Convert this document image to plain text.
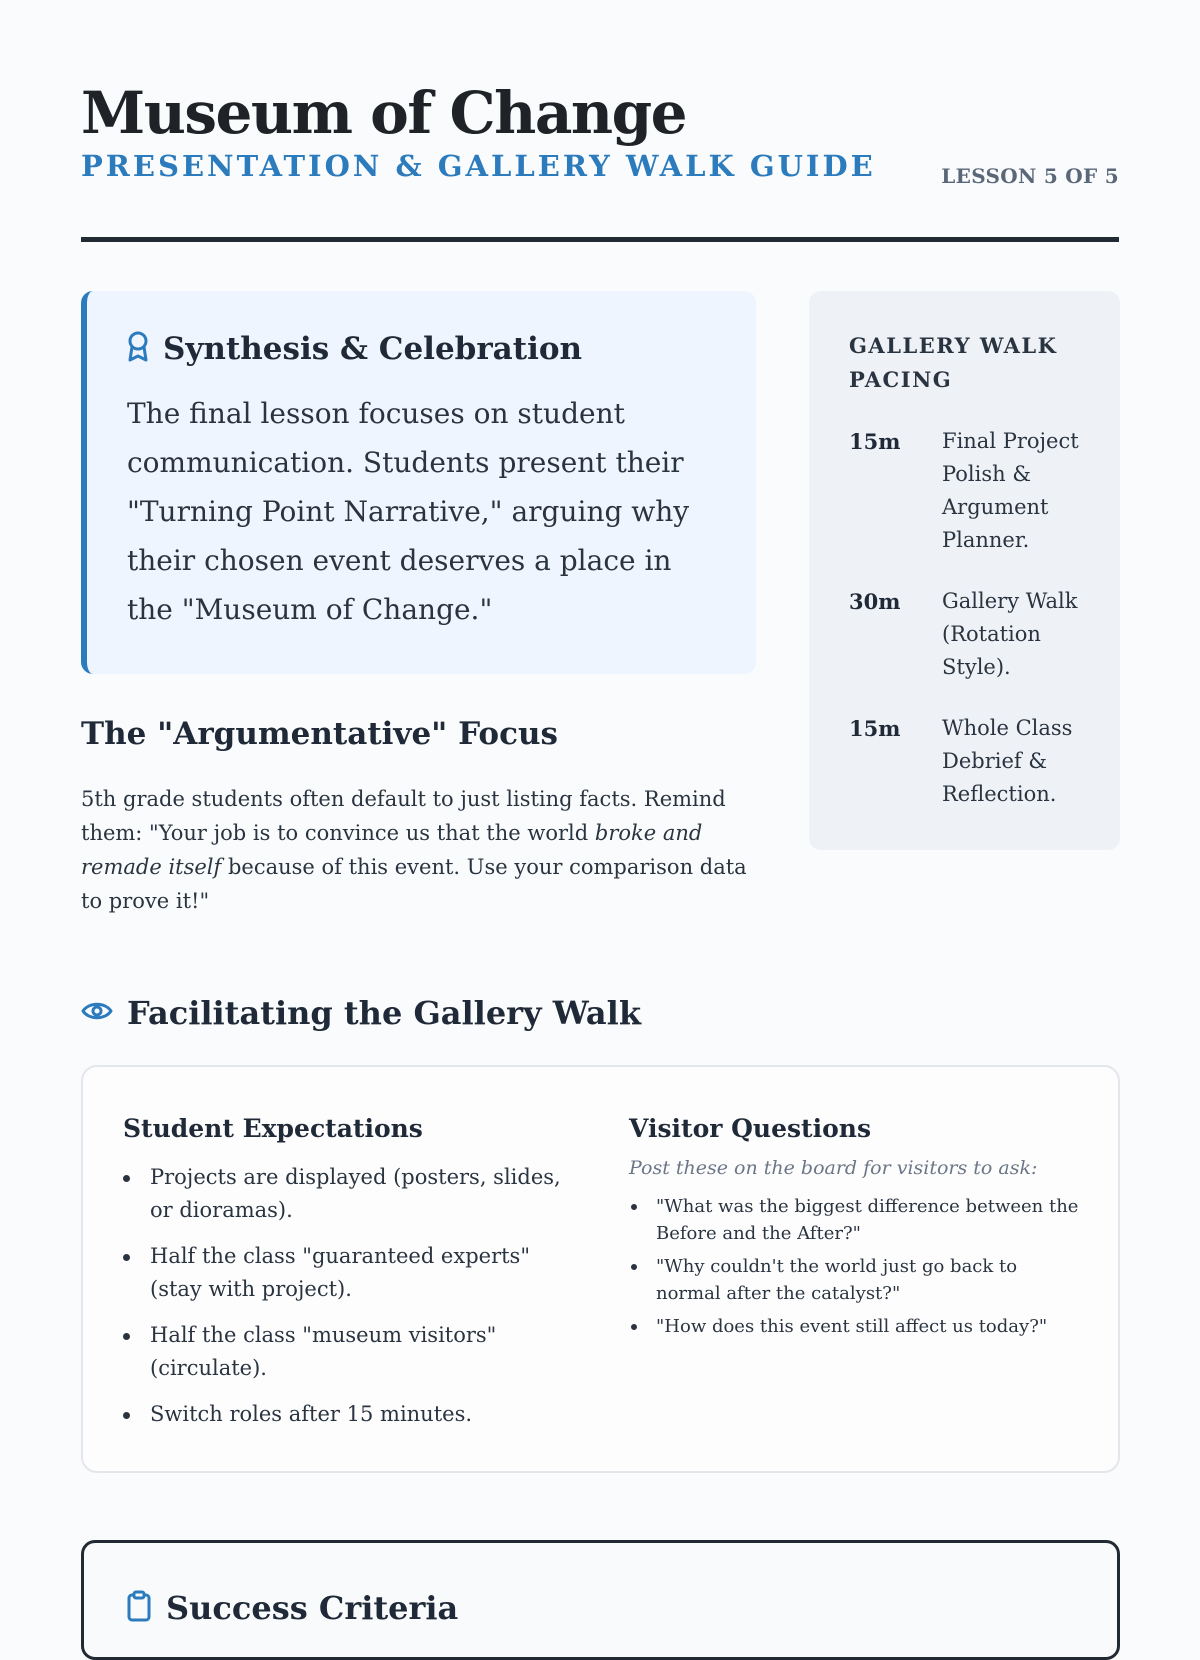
Museum of Change
PRESENTATION & GALLERY WALK GUIDE	LESSON 5 OF 5
Synthesis & Celebration

The final lesson focuses on student communication. Students present their "Turning Point Narrative," arguing why their chosen event deserves a place in the "Museum of Change."

The "Argumentative" Focus

5th grade students often default to just listing facts. Remind them: "Your job is to convince us that the world broke and remade itself because of this event. Use your comparison data to prove it!"

GALLERY WALK PACING
15m	Final Project Polish & Argument Planner.
30m	Gallery Walk (Rotation Style).
15m	Whole Class Debrief & Reflection.
Facilitating the Gallery Walk
Student Expectations
Projects are displayed (posters, slides, or dioramas).
Half the class "guaranteed experts" (stay with project).
Half the class "museum visitors" (circulate).
Switch roles after 15 minutes.
Visitor Questions

Post these on the board for visitors to ask:

"What was the biggest difference between the Before and the After?"
"Why couldn't the world just go back to normal after the catalyst?"
"How does this event still affect us today?"
Success Criteria
